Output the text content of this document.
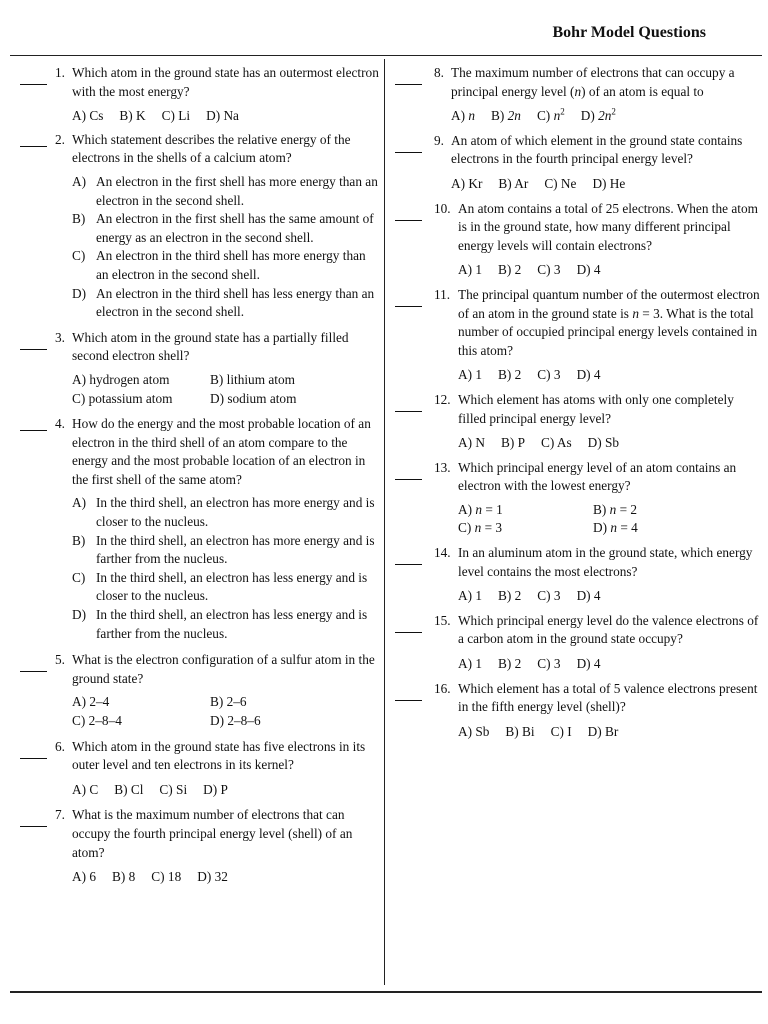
Bohr Model Questions
1. Which atom in the ground state has an outermost electron with the most energy?
A) Cs B) K C) Li D) Na
2. Which statement describes the relative energy of the electrons in the shells of a calcium atom?
A) An electron in the first shell has more energy than an electron in the second shell.
B) An electron in the first shell has the same amount of energy as an electron in the second shell.
C) An electron in the third shell has more energy than an electron in the second shell.
D) An electron in the third shell has less energy than an electron in the second shell.
3. Which atom in the ground state has a partially filled second electron shell?
A) hydrogen atom	B) lithium atom
C) potassium atom	D) sodium atom
4. How do the energy and the most probable location of an electron in the third shell of an atom compare to the energy and the most probable location of an electron in the first shell of the same atom?
A) In the third shell, an electron has more energy and is closer to the nucleus.
B) In the third shell, an electron has more energy and is farther from the nucleus.
C) In the third shell, an electron has less energy and is closer to the nucleus.
D) In the third shell, an electron has less energy and is farther from the nucleus.
5. What is the electron configuration of a sulfur atom in the ground state?
A) 2–4	B) 2–6
C) 2–8–4	D) 2–8–6
6. Which atom in the ground state has five electrons in its outer level and ten electrons in its kernel?
A) C B) Cl C) Si D) P
7. What is the maximum number of electrons that can occupy the fourth principal energy level (shell) of an atom?
A) 6 B) 8 C) 18 D) 32
8. The maximum number of electrons that can occupy a principal energy level (n) of an atom is equal to
A) n B) 2n C) $n^2$ D) $2n^2$
9. An atom of which element in the ground state contains electrons in the fourth principal energy level?
A) Kr B) Ar C) Ne D) He
10. An atom contains a total of 25 electrons. When the atom is in the ground state, how many different principal energy levels will contain electrons?
A) 1 B) 2 C) 3 D) 4
11. The principal quantum number of the outermost electron of an atom in the ground state is n = 3. What is the total number of occupied principal energy levels contained in this atom?
A) 1 B) 2 C) 3 D) 4
12. Which element has atoms with only one completely filled principal energy level?
A) N B) P C) As D) Sb
13. Which principal energy level of an atom contains an electron with the lowest energy?
A) n = 1	B) n = 2
C) n = 3	D) n = 4
14. In an aluminum atom in the ground state, which energy level contains the most electrons?
A) 1 B) 2 C) 3 D) 4
15. Which principal energy level do the valence electrons of a carbon atom in the ground state occupy?
A) 1 B) 2 C) 3 D) 4
16. Which element has a total of 5 valence electrons present in the fifth energy level (shell)?
A) Sb B) Bi C) I D) Br
